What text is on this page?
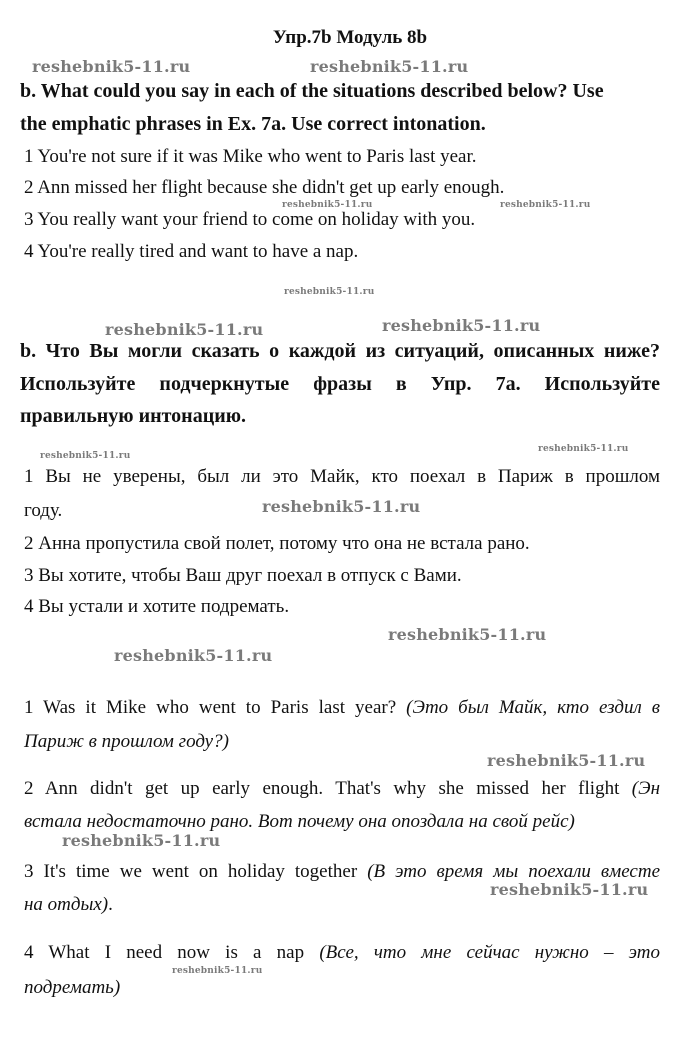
Упр.7b Модуль 8b
reshebnik5-11.ru	reshebnik5-11.ru
reshebnik5-11.ru	reshebnik5-11.ru
reshebnik5-11.ru
reshebnik5-11.ru	reshebnik5-11.ru
reshebnik5-11.ru
reshebnik5-11.ru
reshebnik5-11.ru
reshebnik5-11.ru
reshebnik5-11.ru
reshebnik5-11.ru
reshebnik5-11.ru
reshebnik5-11.ru
reshebnik5-11.ru
b. What could you say in each of the situations described below? Use
the emphatic phrases in Ex. 7a. Use correct intonation.
1 You're not sure if it was Mike who went to Paris last year.
2 Ann missed her flight because she didn't get up early enough.
3 You really want your friend to come on holiday with you.
4 You're really tired and want to have a nap.
b. Что Вы могли сказать о каждой из ситуаций, описанных ниже?
Используйте подчеркнутые фразы в Упр. 7а. Используйте
правильную интонацию.
1 Вы не уверены, был ли это Майк, кто поехал в Париж в прошлом
году.
2 Анна пропустила свой полет, потому что она не встала рано.
3 Вы хотите, чтобы Ваш друг поехал в отпуск с Вами.
4 Вы устали и хотите подремать.
1 Was it Mike who went to Paris last year? (Это был Майк, кто ездил в
Париж в прошлом году?)
2 Ann didn't get up early enough. That's why she missed her flight (Эн
встала недостаточно рано. Вот почему она опоздала на свой рейс)
3 It's time we went on holiday together (В это время мы поехали вместе
на отдых).
4 What I need now is a nap (Все, что мне сейчас нужно – это
подремать)
